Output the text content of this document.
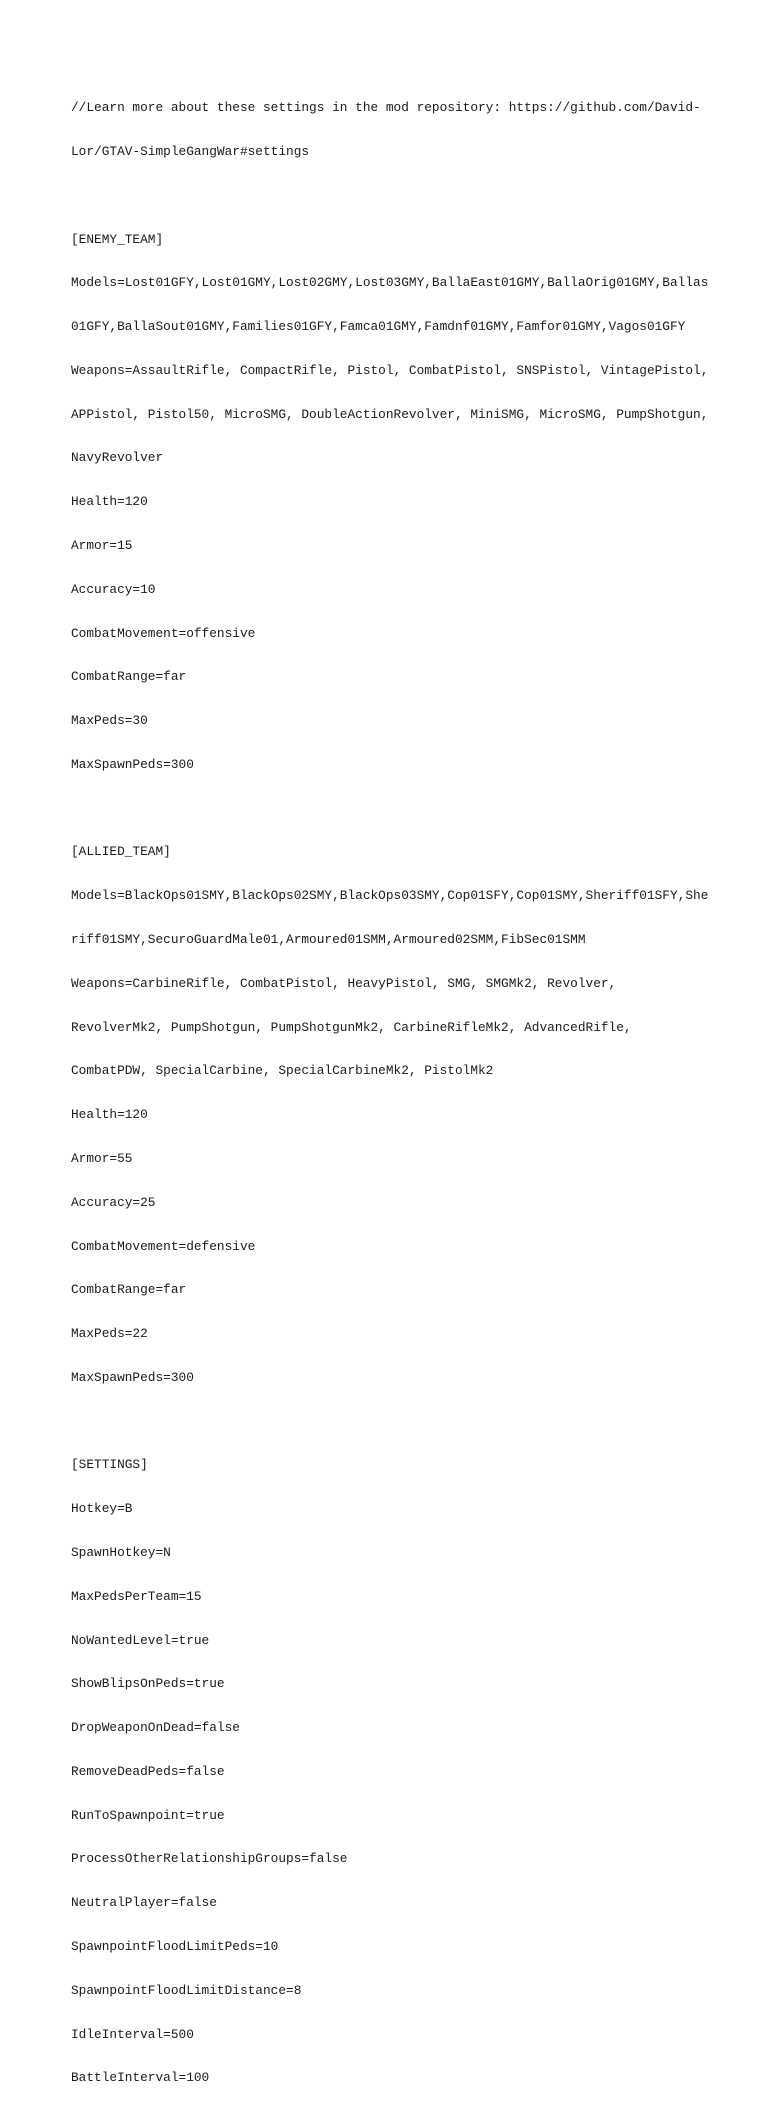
//Learn more about these settings in the mod repository: https://github.com/David-

Lor/GTAV-SimpleGangWar#settings

[ENEMY_TEAM]

Models=Lost01GFY,Lost01GMY,Lost02GMY,Lost03GMY,BallaEast01GMY,BallaOrig01GMY,Ballas

01GFY,BallaSout01GMY,Families01GFY,Famca01GMY,Famdnf01GMY,Famfor01GMY,Vagos01GFY

Weapons=AssaultRifle, CompactRifle, Pistol, CombatPistol, SNSPistol, VintagePistol,

APPistol, Pistol50, MicroSMG, DoubleActionRevolver, MiniSMG, MicroSMG, PumpShotgun,

NavyRevolver

Health=120

Armor=15

Accuracy=10

CombatMovement=offensive

CombatRange=far

MaxPeds=30

MaxSpawnPeds=300

[ALLIED_TEAM]

Models=BlackOps01SMY,BlackOps02SMY,BlackOps03SMY,Cop01SFY,Cop01SMY,Sheriff01SFY,She

riff01SMY,SecuroGuardMale01,Armoured01SMM,Armoured02SMM,FibSec01SMM

Weapons=CarbineRifle, CombatPistol, HeavyPistol, SMG, SMGMk2, Revolver,

RevolverMk2, PumpShotgun, PumpShotgunMk2, CarbineRifleMk2, AdvancedRifle,

CombatPDW, SpecialCarbine, SpecialCarbineMk2, PistolMk2

Health=120

Armor=55

Accuracy=25

CombatMovement=defensive

CombatRange=far

MaxPeds=22

MaxSpawnPeds=300

[SETTINGS]

Hotkey=B

SpawnHotkey=N

MaxPedsPerTeam=15

NoWantedLevel=true

ShowBlipsOnPeds=true

DropWeaponOnDead=false

RemoveDeadPeds=false

RunToSpawnpoint=true

ProcessOtherRelationshipGroups=false

NeutralPlayer=false

SpawnpointFloodLimitPeds=10

SpawnpointFloodLimitDistance=8

IdleInterval=500

BattleInterval=100
